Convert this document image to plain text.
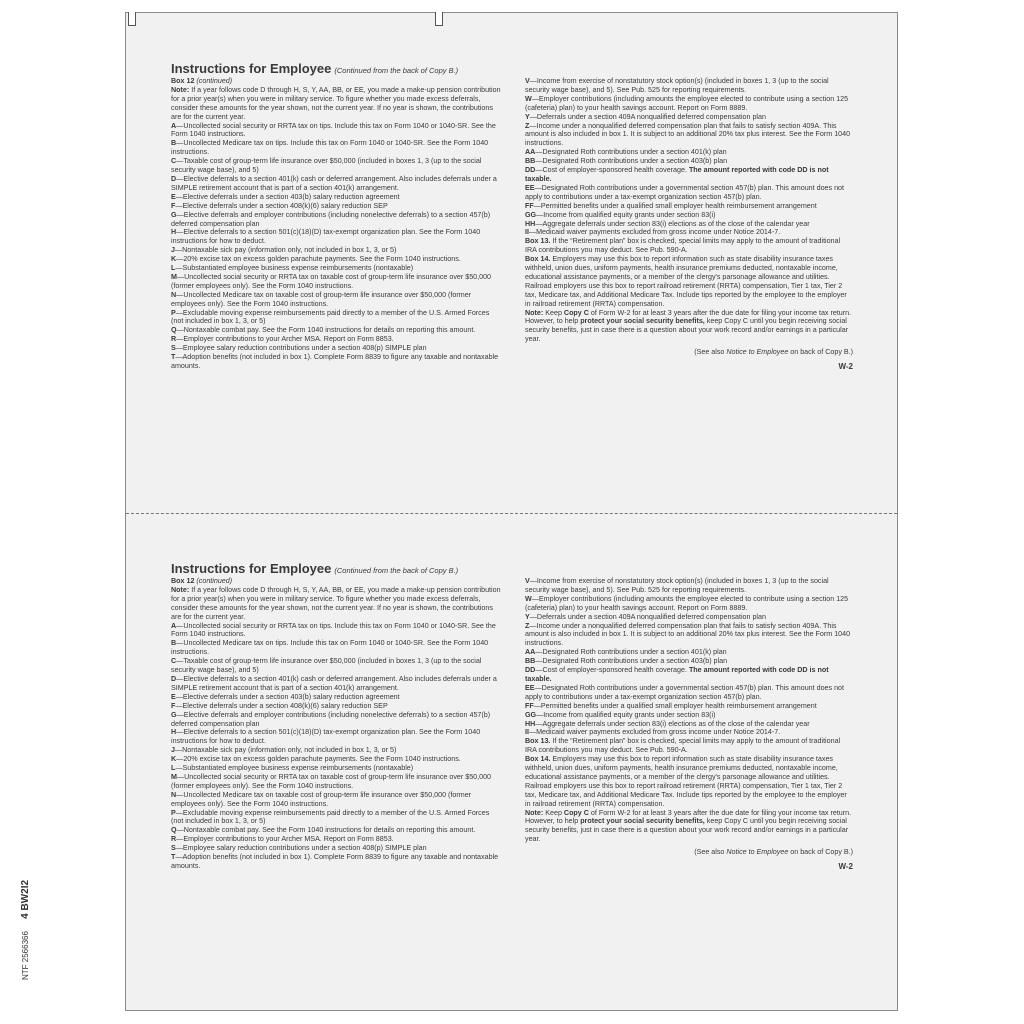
Instructions for Employee (Continued from the back of Copy B.)

Box 12 (continued)

Note: If a year follows code D through H, S, Y, AA, BB, or EE, you made a make-up pension contribution for a prior year(s) when you were in military service. To figure whether you made excess deferrals, consider these amounts for the year shown, not the current year. If no year is shown, the contributions are for the current year.

A—Uncollected social security or RRTA tax on tips. Include this tax on Form 1040 or 1040-SR. See the Form 1040 instructions.

B—Uncollected Medicare tax on tips. Include this tax on Form 1040 or 1040-SR. See the Form 1040 instructions.

C—Taxable cost of group-term life insurance over $50,000 (included in boxes 1, 3 (up to the social security wage base), and 5)

D—Elective deferrals to a section 401(k) cash or deferred arrangement. Also includes deferrals under a SIMPLE retirement account that is part of a section 401(k) arrangement.

E—Elective deferrals under a section 403(b) salary reduction agreement

F—Elective deferrals under a section 408(k)(6) salary reduction SEP

G—Elective deferrals and employer contributions (including nonelective deferrals) to a section 457(b) deferred compensation plan

H—Elective deferrals to a section 501(c)(18)(D) tax-exempt organization plan. See the Form 1040 instructions for how to deduct.

J—Nontaxable sick pay (information only, not included in box 1, 3, or 5)

K—20% excise tax on excess golden parachute payments. See the Form 1040 instructions.

L—Substantiated employee business expense reimbursements (nontaxable)

M—Uncollected social security or RRTA tax on taxable cost of group-term life insurance over $50,000 (former employees only). See the Form 1040 instructions.

N—Uncollected Medicare tax on taxable cost of group-term life insurance over $50,000 (former employees only). See the Form 1040 instructions.

P—Excludable moving expense reimbursements paid directly to a member of the U.S. Armed Forces (not included in box 1, 3, or 5)

Q—Nontaxable combat pay. See the Form 1040 instructions for details on reporting this amount.

R—Employer contributions to your Archer MSA. Report on Form 8853.

S—Employee salary reduction contributions under a section 408(p) SIMPLE plan

T—Adoption benefits (not included in box 1). Complete Form 8839 to figure any taxable and nontaxable amounts.

V—Income from exercise of nonstatutory stock option(s) (included in boxes 1, 3 (up to the social security wage base), and 5). See Pub. 525 for reporting requirements.

W—Employer contributions (including amounts the employee elected to contribute using a section 125 (cafeteria) plan) to your health savings account. Report on Form 8889.

Y—Deferrals under a section 409A nonqualified deferred compensation plan

Z—Income under a nonqualified deferred compensation plan that fails to satisfy section 409A. This amount is also included in box 1. It is subject to an additional 20% tax plus interest. See the Form 1040 instructions.

AA—Designated Roth contributions under a section 401(k) plan

BB—Designated Roth contributions under a section 403(b) plan

DD—Cost of employer-sponsored health coverage. The amount reported with code DD is not taxable.

EE—Designated Roth contributions under a governmental section 457(b) plan. This amount does not apply to contributions under a tax-exempt organization section 457(b) plan.

FF—Permitted benefits under a qualified small employer health reimbursement arrangement

GG—Income from qualified equity grants under section 83(i)

HH—Aggregate deferrals under section 83(i) elections as of the close of the calendar year

II—Medicaid waiver payments excluded from gross income under Notice 2014-7.

Box 13. If the “Retirement plan” box is checked, special limits may apply to the amount of traditional IRA contributions you may deduct. See Pub. 590-A.

Box 14. Employers may use this box to report information such as state disability insurance taxes withheld, union dues, uniform payments, health insurance premiums deducted, nontaxable income, educational assistance payments, or a member of the clergy's parsonage allowance and utilities. Railroad employers use this box to report railroad retirement (RRTA) compensation, Tier 1 tax, Tier 2 tax, Medicare tax, and Additional Medicare Tax. Include tips reported by the employee to the employer in railroad retirement (RRTA) compensation.

Note: Keep Copy C of Form W-2 for at least 3 years after the due date for filing your income tax return. However, to help protect your social security benefits, keep Copy C until you begin receiving social security benefits, just in case there is a question about your work record and/or earnings in a particular year.

(See also Notice to Employee on back of Copy B.)

W-2

Instructions for Employee (Continued from the back of Copy B.)

Box 12 (continued)

Note: If a year follows code D through H, S, Y, AA, BB, or EE, you made a make-up pension contribution for a prior year(s) when you were in military service. To figure whether you made excess deferrals, consider these amounts for the year shown, not the current year. If no year is shown, the contributions are for the current year.

A—Uncollected social security or RRTA tax on tips. Include this tax on Form 1040 or 1040-SR. See the Form 1040 instructions.

B—Uncollected Medicare tax on tips. Include this tax on Form 1040 or 1040-SR. See the Form 1040 instructions.

C—Taxable cost of group-term life insurance over $50,000 (included in boxes 1, 3 (up to the social security wage base), and 5)

D—Elective deferrals to a section 401(k) cash or deferred arrangement. Also includes deferrals under a SIMPLE retirement account that is part of a section 401(k) arrangement.

E—Elective deferrals under a section 403(b) salary reduction agreement

F—Elective deferrals under a section 408(k)(6) salary reduction SEP

G—Elective deferrals and employer contributions (including nonelective deferrals) to a section 457(b) deferred compensation plan

H—Elective deferrals to a section 501(c)(18)(D) tax-exempt organization plan. See the Form 1040 instructions for how to deduct.

J—Nontaxable sick pay (information only, not included in box 1, 3, or 5)

K—20% excise tax on excess golden parachute payments. See the Form 1040 instructions.

L—Substantiated employee business expense reimbursements (nontaxable)

M—Uncollected social security or RRTA tax on taxable cost of group-term life insurance over $50,000 (former employees only). See the Form 1040 instructions.

N—Uncollected Medicare tax on taxable cost of group-term life insurance over $50,000 (former employees only). See the Form 1040 instructions.

P—Excludable moving expense reimbursements paid directly to a member of the U.S. Armed Forces (not included in box 1, 3, or 5)

Q—Nontaxable combat pay. See the Form 1040 instructions for details on reporting this amount.

R—Employer contributions to your Archer MSA. Report on Form 8853.

S—Employee salary reduction contributions under a section 408(p) SIMPLE plan

T—Adoption benefits (not included in box 1). Complete Form 8839 to figure any taxable and nontaxable amounts.

V—Income from exercise of nonstatutory stock option(s) (included in boxes 1, 3 (up to the social security wage base), and 5). See Pub. 525 for reporting requirements.

W—Employer contributions (including amounts the employee elected to contribute using a section 125 (cafeteria) plan) to your health savings account. Report on Form 8889.

Y—Deferrals under a section 409A nonqualified deferred compensation plan

Z—Income under a nonqualified deferred compensation plan that fails to satisfy section 409A. This amount is also included in box 1. It is subject to an additional 20% tax plus interest. See the Form 1040 instructions.

AA—Designated Roth contributions under a section 401(k) plan

BB—Designated Roth contributions under a section 403(b) plan

DD—Cost of employer-sponsored health coverage. The amount reported with code DD is not taxable.

EE—Designated Roth contributions under a governmental section 457(b) plan. This amount does not apply to contributions under a tax-exempt organization section 457(b) plan.

FF—Permitted benefits under a qualified small employer health reimbursement arrangement

GG—Income from qualified equity grants under section 83(i)

HH—Aggregate deferrals under section 83(i) elections as of the close of the calendar year

II—Medicaid waiver payments excluded from gross income under Notice 2014-7.

Box 13. If the “Retirement plan” box is checked, special limits may apply to the amount of traditional IRA contributions you may deduct. See Pub. 590-A.

Box 14. Employers may use this box to report information such as state disability insurance taxes withheld, union dues, uniform payments, health insurance premiums deducted, nontaxable income, educational assistance payments, or a member of the clergy's parsonage allowance and utilities. Railroad employers use this box to report railroad retirement (RRTA) compensation, Tier 1 tax, Tier 2 tax, Medicare tax, and Additional Medicare Tax. Include tips reported by the employee to the employer in railroad retirement (RRTA) compensation.

Note: Keep Copy C of Form W-2 for at least 3 years after the due date for filing your income tax return. However, to help protect your social security benefits, keep Copy C until you begin receiving social security benefits, just in case there is a question about your work record and/or earnings in a particular year.

(See also Notice to Employee on back of Copy B.)

W-2

NTF 2566366 4 BW2I2
